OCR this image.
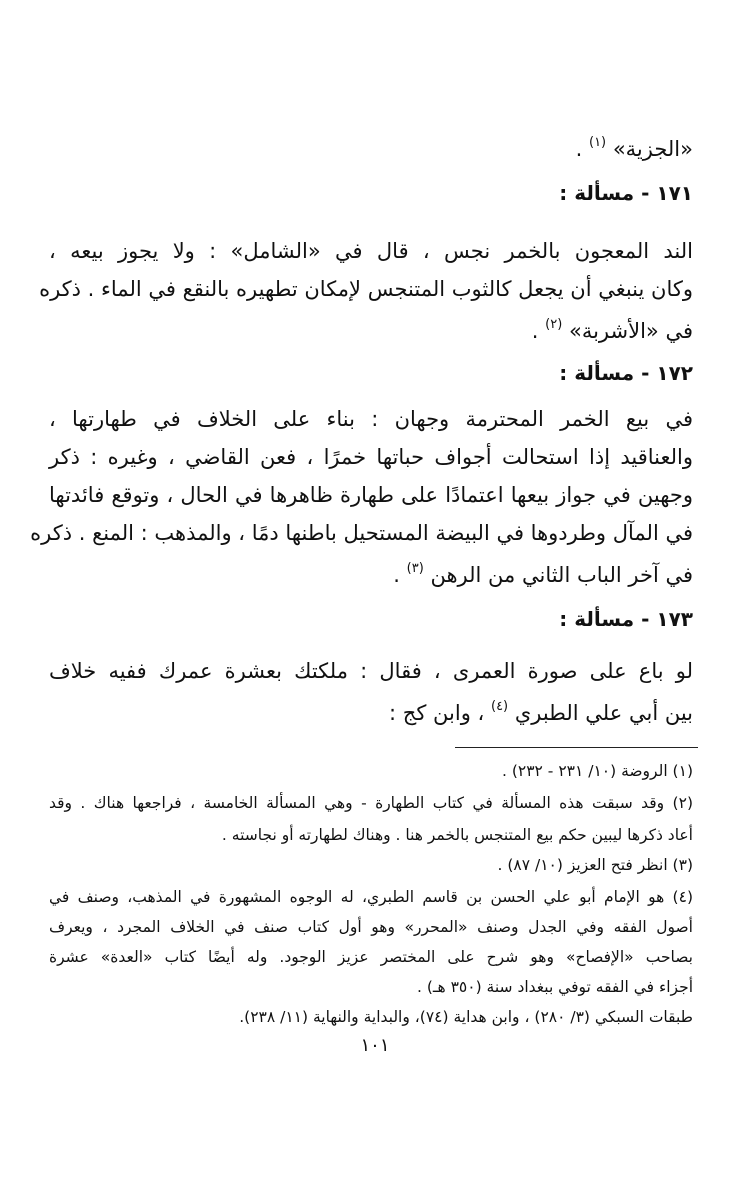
«الجزية» $^{(١)}$ .
١٧١ - مسألة :
الند المعجون بالخمر نجس ، قال في «الشامل» : ولا يجوز بيعه ،
وكان ينبغي أن يجعل كالثوب المتنجس لإمكان تطهيره بالنقع في الماء . ذكره
في «الأشربة» $^{(٢)}$ .
١٧٢ - مسألة :
في بيع الخمر المحترمة وجهان : بناء على الخلاف في طهارتها ،
والعناقيد إذا استحالت أجواف حباتها خمرًا ، فعن القاضي ، وغيره : ذكر
وجهين في جواز بيعها اعتمادًا على طهارة ظاهرها في الحال ، وتوقع فائدتها
في المآل وطردوها في البيضة المستحيل باطنها دمًا ، والمذهب : المنع . ذكره
في آخر الباب الثاني من الرهن $^{(٣)}$ .
١٧٣ - مسألة :
لو باع على صورة العمرى ، فقال : ملكتك بعشرة عمرك ففيه خلاف
بين أبي علي الطبري $^{(٤)}$ ، وابن كج :
(١) الروضة (١٠/ ٢٣١ - ٢٣٢) .
(٢) وقد سبقت هذه المسألة في كتاب الطهارة - وهي المسألة الخامسة ، فراجعها هناك . وقد
أعاد ذكرها ليبين حكم بيع المتنجس بالخمر هنا . وهناك لطهارته أو نجاسته .
(٣) انظر فتح العزيز (١٠/ ٨٧) .
(٤) هو الإمام أبو علي الحسن بن قاسم الطبري، له الوجوه المشهورة في المذهب، وصنف في
أصول الفقه وفي الجدل وصنف «المحرر» وهو أول كتاب صنف في الخلاف المجرد ، ويعرف
بصاحب «الإفصاح» وهو شرح على المختصر عزيز الوجود. وله أيضًا كتاب «العدة» عشرة
أجزاء في الفقه توفي ببغداد سنة (٣٥٠ هـ) .
طبقات السبكي (٣/ ٢٨٠) ، وابن هداية (٧٤)، والبداية والنهاية (١١/ ٢٣٨).
١٠١
